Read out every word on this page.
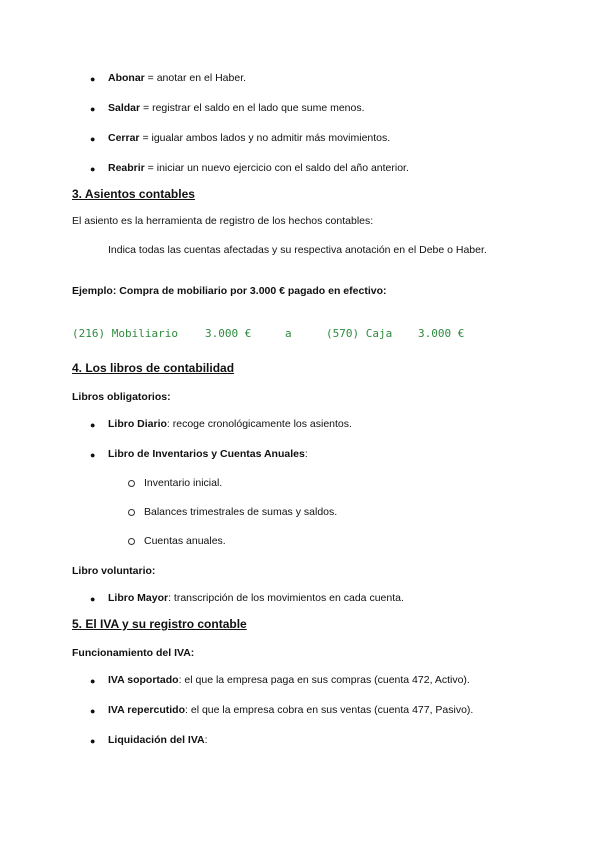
● Abonar = anotar en el Haber.
● Saldar = registrar el saldo en el lado que sume menos.
● Cerrar = igualar ambos lados y no admitir más movimientos.
● Reabrir = iniciar un nuevo ejercicio con el saldo del año anterior.
3. Asientos contables
El asiento es la herramienta de registro de los hechos contables:
Indica todas las cuentas afectadas y su respectiva anotación en el Debe o Haber.
Ejemplo: Compra de mobiliario por 3.000 € pagado en efectivo:
(216) Mobiliario 3.000 €	a	(570) Caja 3.000 €
4. Los libros de contabilidad
Libros obligatorios:
● Libro Diario: recoge cronológicamente los asientos.
● Libro de Inventarios y Cuentas Anuales:
Inventario inicial.
Balances trimestrales de sumas y saldos.
Cuentas anuales.
Libro voluntario:
● Libro Mayor: transcripción de los movimientos en cada cuenta.
5. El IVA y su registro contable
Funcionamiento del IVA:
● IVA soportado: el que la empresa paga en sus compras (cuenta 472, Activo).
● IVA repercutido: el que la empresa cobra en sus ventas (cuenta 477, Pasivo).
● Liquidación del IVA:
